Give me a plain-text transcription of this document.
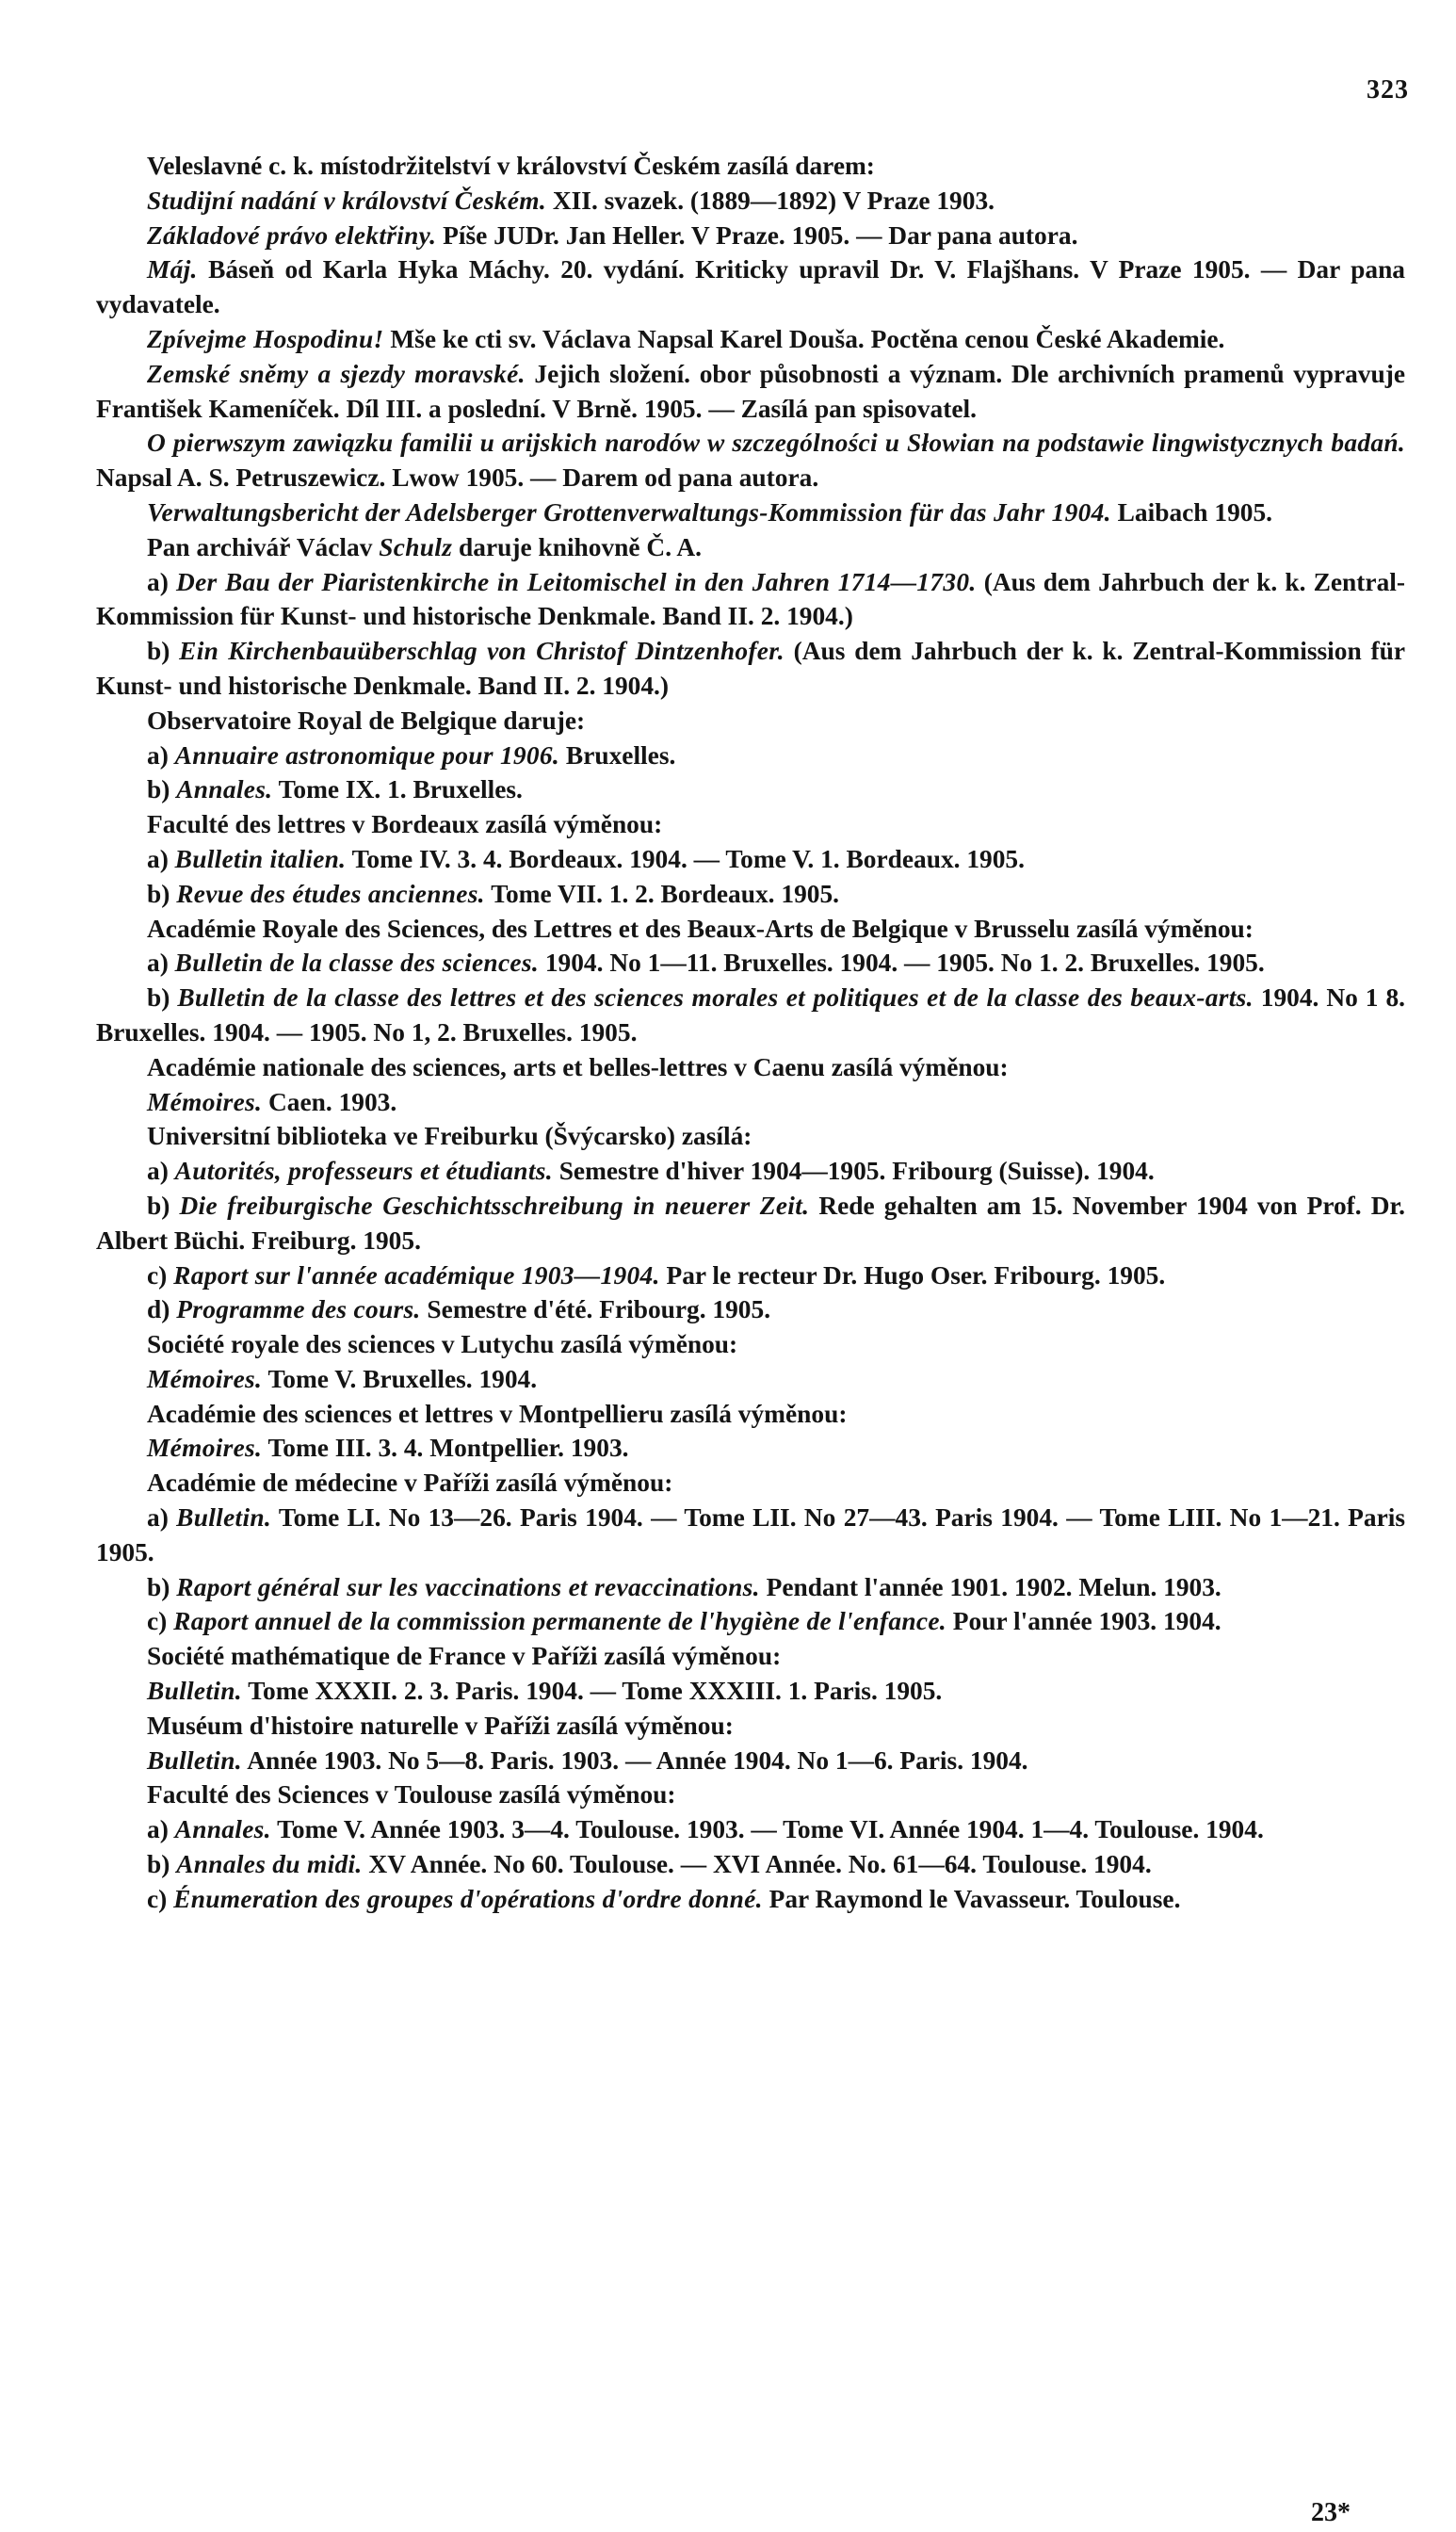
323

Veleslavné c. k. místodržitelství v království Českém zasílá darem:

Studijní nadání v království Českém. XII. svazek. (1889—1892) V Praze 1903.

Základové právo elektřiny. Píše JUDr. Jan Heller. V Praze. 1905. — Dar pana autora.

Máj. Báseň od Karla Hyka Máchy. 20. vydání. Kriticky upravil Dr. V. Flajšhans. V Praze 1905. — Dar pana vydavatele.

Zpívejme Hospodinu! Mše ke cti sv. Václava Napsal Karel Douša. Poctěna cenou České Akademie.

Zemské sněmy a sjezdy moravské. Jejich složení. obor působnosti a význam. Dle archivních pramenů vypravuje František Kameníček. Díl III. a poslední. V Brně. 1905. — Zasílá pan spisovatel.

O pierwszym zawiązku familii u arijskich narodów w szczególności u Słowian na podstawie lingwistycznych badań. Napsal A. S. Petruszewicz. Lwow 1905. — Darem od pana autora.

Verwaltungsbericht der Adelsberger Grottenverwaltungs-Kommission für das Jahr 1904. Laibach 1905.

Pan archivář Václav Schulz daruje knihovně Č. A.

a) Der Bau der Piaristenkirche in Leitomischel in den Jahren 1714—1730. (Aus dem Jahrbuch der k. k. Zentral-Kommission für Kunst- und historische Denkmale. Band II. 2. 1904.)

b) Ein Kirchenbauüberschlag von Christof Dintzenhofer. (Aus dem Jahrbuch der k. k. Zentral-Kommission für Kunst- und historische Denkmale. Band II. 2. 1904.)

Observatoire Royal de Belgique daruje:

a) Annuaire astronomique pour 1906. Bruxelles.

b) Annales. Tome IX. 1. Bruxelles.

Faculté des lettres v Bordeaux zasílá výměnou:

a) Bulletin italien. Tome IV. 3. 4. Bordeaux. 1904. — Tome V. 1. Bordeaux. 1905.

b) Revue des études anciennes. Tome VII. 1. 2. Bordeaux. 1905.

Académie Royale des Sciences, des Lettres et des Beaux-Arts de Belgique v Brusselu zasílá výměnou:

a) Bulletin de la classe des sciences. 1904. No 1—11. Bruxelles. 1904. — 1905. No 1. 2. Bruxelles. 1905.

b) Bulletin de la classe des lettres et des sciences morales et politiques et de la classe des beaux-arts. 1904. No 1 8. Bruxelles. 1904. — 1905. No 1, 2. Bruxelles. 1905.

Académie nationale des sciences, arts et belles-lettres v Caenu zasílá výměnou:

Mémoires. Caen. 1903.

Universitní biblioteka ve Freiburku (Švýcarsko) zasílá:

a) Autorités, professeurs et étudiants. Semestre d'hiver 1904—1905. Fribourg (Suisse). 1904.

b) Die freiburgische Geschichtsschreibung in neuerer Zeit. Rede gehalten am 15. November 1904 von Prof. Dr. Albert Büchi. Freiburg. 1905.

c) Raport sur l'année académique 1903—1904. Par le recteur Dr. Hugo Oser. Fribourg. 1905.

d) Programme des cours. Semestre d'été. Fribourg. 1905.

Société royale des sciences v Lutychu zasílá výměnou:

Mémoires. Tome V. Bruxelles. 1904.

Académie des sciences et lettres v Montpellieru zasílá výměnou:

Mémoires. Tome III. 3. 4. Montpellier. 1903.

Académie de médecine v Paříži zasílá výměnou:

a) Bulletin. Tome LI. No 13—26. Paris 1904. — Tome LII. No 27—43. Paris 1904. — Tome LIII. No 1—21. Paris 1905.

b) Raport général sur les vaccinations et revaccinations. Pendant l'année 1901. 1902. Melun. 1903.

c) Raport annuel de la commission permanente de l'hygiène de l'enfance. Pour l'année 1903. 1904.

Société mathématique de France v Paříži zasílá výměnou:

Bulletin. Tome XXXII. 2. 3. Paris. 1904. — Tome XXXIII. 1. Paris. 1905.

Muséum d'histoire naturelle v Paříži zasílá výměnou:

Bulletin. Année 1903. No 5—8. Paris. 1903. — Année 1904. No 1—6. Paris. 1904.

Faculté des Sciences v Toulouse zasílá výměnou:

a) Annales. Tome V. Année 1903. 3—4. Toulouse. 1903. — Tome VI. Année 1904. 1—4. Toulouse. 1904.

b) Annales du midi. XV Année. No 60. Toulouse. — XVI Année. No. 61—64. Toulouse. 1904.

c) Énumeration des groupes d'opérations d'ordre donné. Par Raymond le Vavasseur. Toulouse.

23*
